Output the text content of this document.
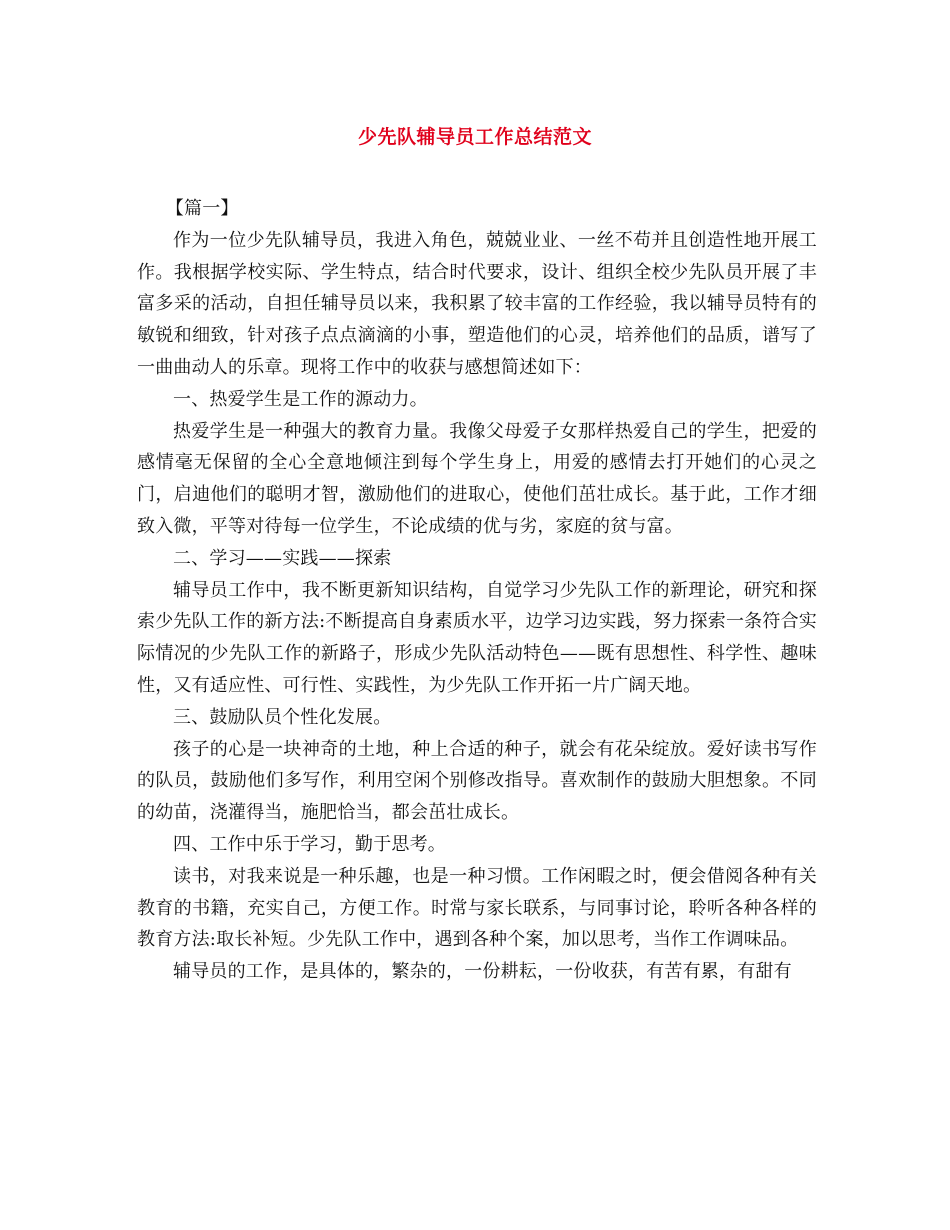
少先队辅导员工作总结范文

【篇一】

作为一位少先队辅导员，我进入角色，兢兢业业、一丝不苟并且创造性地开展工作。我根据学校实际、学生特点，结合时代要求，设计、组织全校少先队员开展了丰富多采的活动，自担任辅导员以来，我积累了较丰富的工作经验，我以辅导员特有的敏锐和细致，针对孩子点点滴滴的小事，塑造他们的心灵，培养他们的品质，谱写了一曲曲动人的乐章。现将工作中的收获与感想简述如下：

一、热爱学生是工作的源动力。

热爱学生是一种强大的教育力量。我像父母爱子女那样热爱自己的学生，把爱的感情毫无保留的全心全意地倾注到每个学生身上，用爱的感情去打开她们的心灵之门，启迪他们的聪明才智，激励他们的进取心，使他们茁壮成长。基于此，工作才细致入微，平等对待每一位学生，不论成绩的优与劣，家庭的贫与富。

二、学习——实践——探索

辅导员工作中，我不断更新知识结构，自觉学习少先队工作的新理论，研究和探索少先队工作的新方法:不断提高自身素质水平，边学习边实践，努力探索一条符合实际情况的少先队工作的新路子，形成少先队活动特色——既有思想性、科学性、趣味性，又有适应性、可行性、实践性，为少先队工作开拓一片广阔天地。

三、鼓励队员个性化发展。

孩子的心是一块神奇的土地，种上合适的种子，就会有花朵绽放。爱好读书写作的队员，鼓励他们多写作，利用空闲个别修改指导。喜欢制作的鼓励大胆想象。不同的幼苗，浇灌得当，施肥恰当，都会茁壮成长。

四、工作中乐于学习，勤于思考。

读书，对我来说是一种乐趣，也是一种习惯。工作闲暇之时，便会借阅各种有关教育的书籍，充实自己，方便工作。时常与家长联系，与同事讨论，聆听各种各样的教育方法:取长补短。少先队工作中，遇到各种个案，加以思考，当作工作调味品。

辅导员的工作，是具体的，繁杂的，一份耕耘，一份收获，有苦有累，有甜有
